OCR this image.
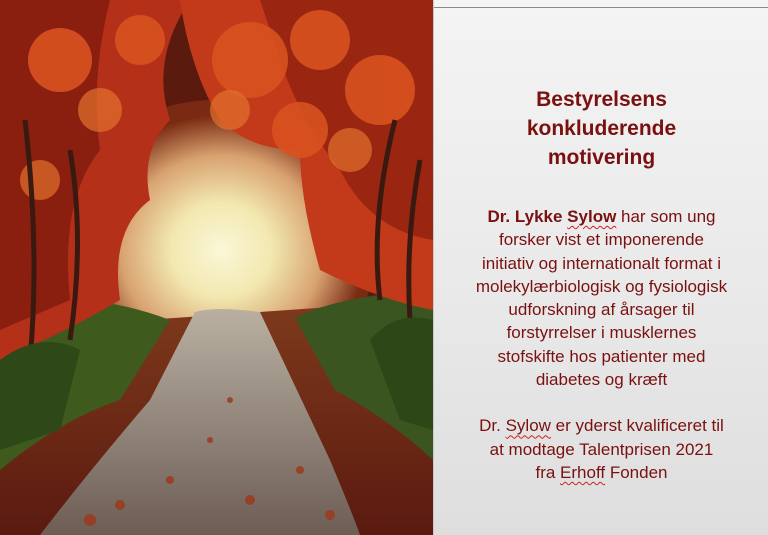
Bestyrelsens
konkluderende
motivering
Dr. Lykke Sylow har som ung
forsker vist et imponerende
initiativ og internationalt format i
molekylærbiologisk og fysiologisk
udforskning af årsager til
forstyrrelser i musklernes
stofskifte hos patienter med
diabetes og kræft
Dr. Sylow er yderst kvalificeret til
at modtage Talentprisen 2021
fra Erhoff Fonden
